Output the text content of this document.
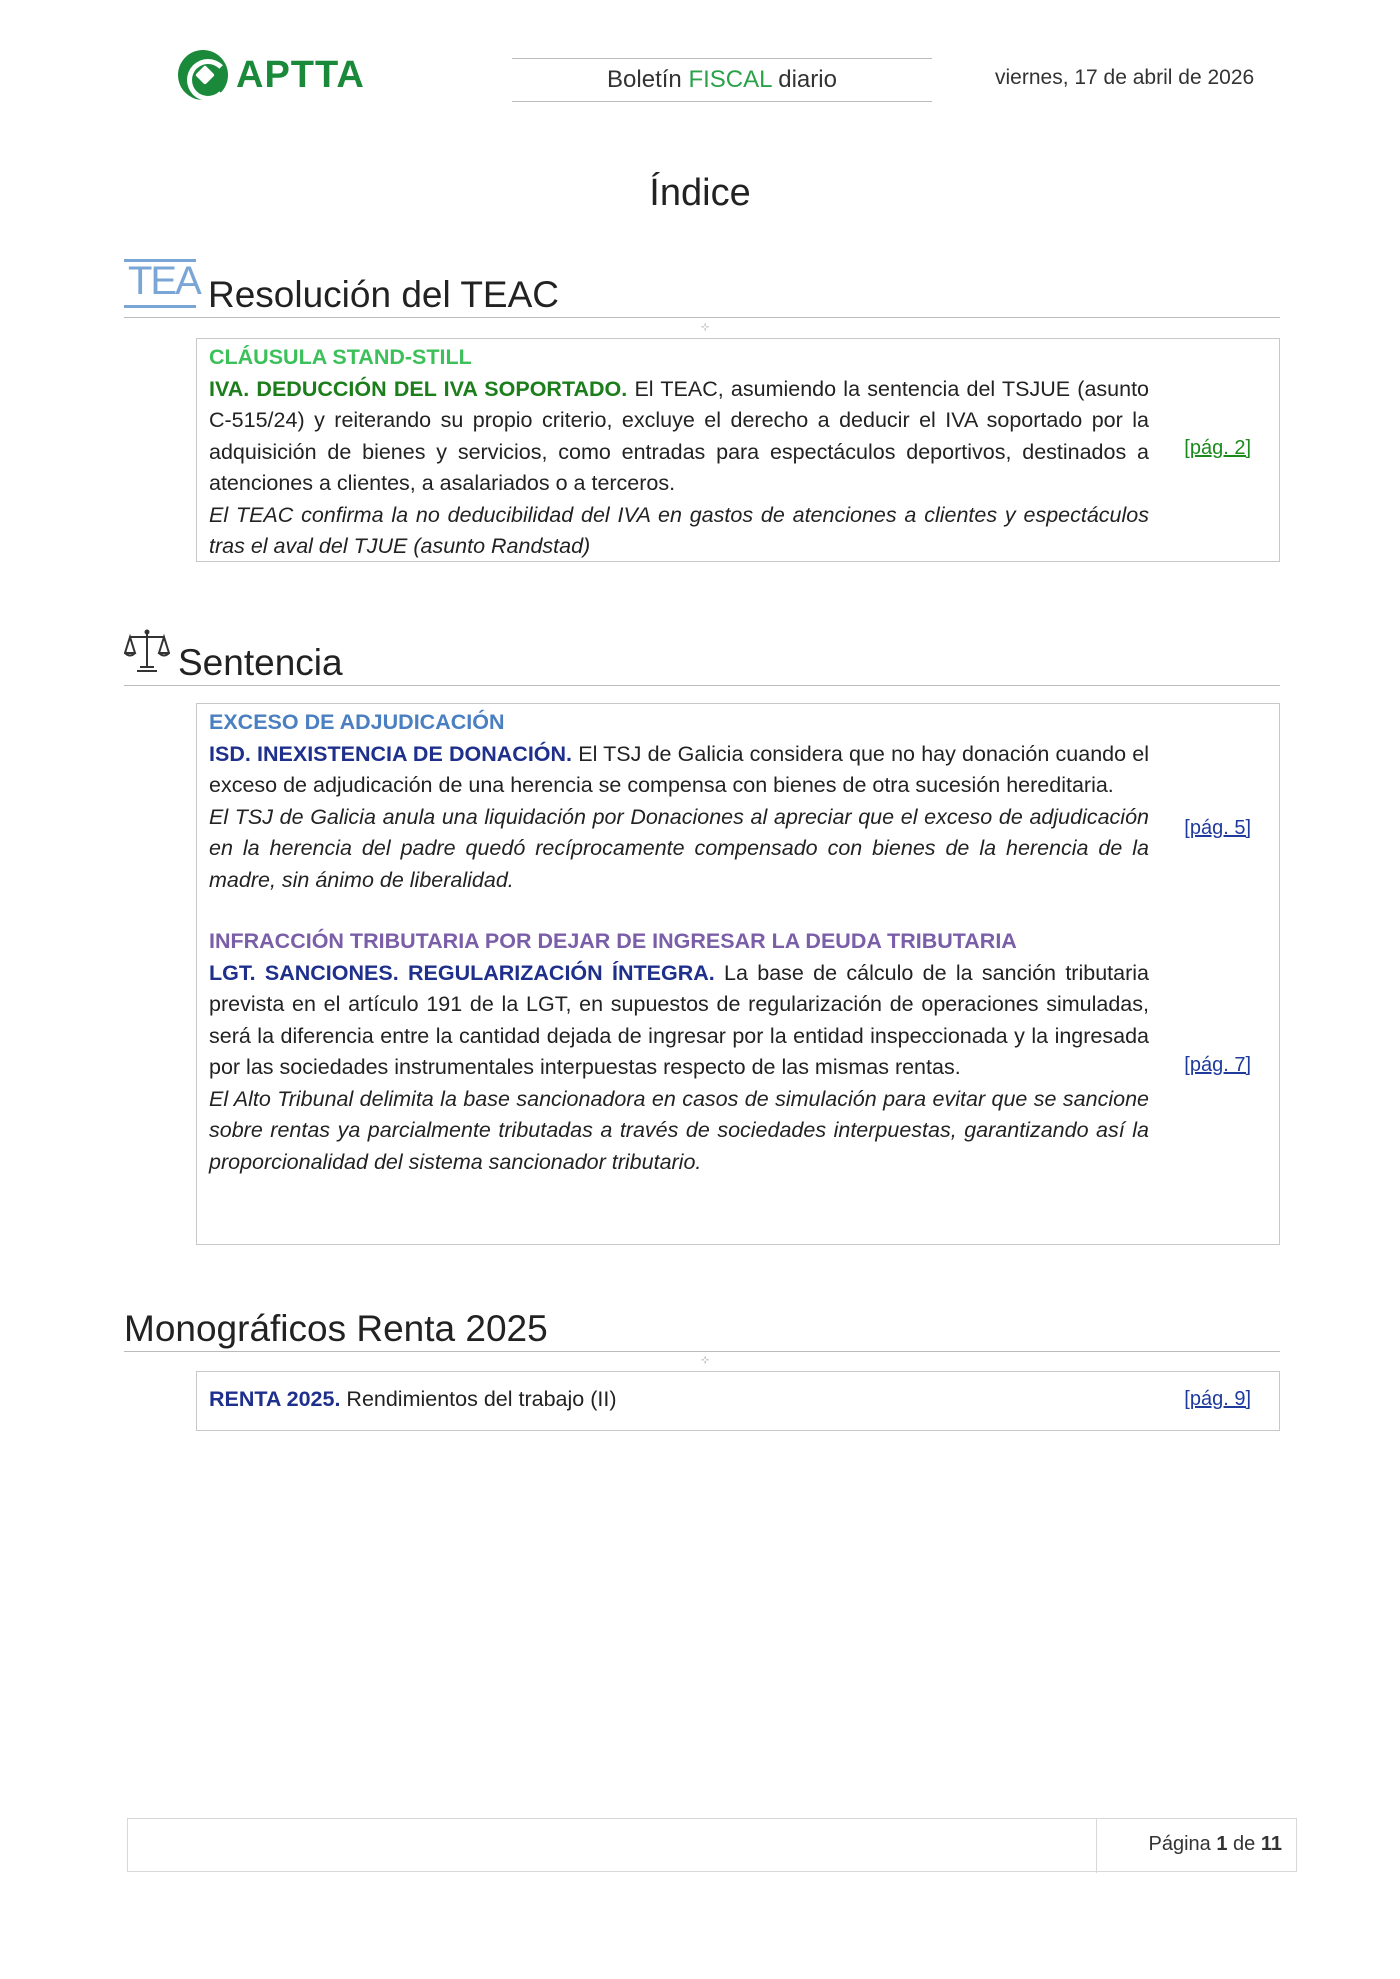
APTTA	Boletín FISCAL diario	viernes, 17 de abril de 2026
Índice
TEA Resolución del TEAC
⊹
CLÁUSULA STAND-STILL

IVA. DEDUCCIÓN DEL IVA SOPORTADO. El TEAC, asumiendo la sentencia del TSJUE (asunto C-515/24) y reiterando su propio criterio, excluye el derecho a deducir el IVA soportado por la adquisición de bienes y servicios, como entradas para espectáculos deportivos, destinados a atenciones a clientes, a asalariados o a terceros.

El TEAC confirma la no deducibilidad del IVA en gastos de atenciones a clientes y espectáculos tras el aval del TJUE (asunto Randstad)

[pág. 2]
Sentencia
EXCESO DE ADJUDICACIÓN

ISD. INEXISTENCIA DE DONACIÓN. El TSJ de Galicia considera que no hay donación cuando el exceso de adjudicación de una herencia se compensa con bienes de otra sucesión hereditaria.

El TSJ de Galicia anula una liquidación por Donaciones al apreciar que el exceso de adjudicación en la herencia del padre quedó recíprocamente compensado con bienes de la herencia de la madre, sin ánimo de liberalidad.

[pág. 5]
INFRACCIÓN TRIBUTARIA POR DEJAR DE INGRESAR LA DEUDA TRIBUTARIA

LGT. SANCIONES. REGULARIZACIÓN ÍNTEGRA. La base de cálculo de la sanción tributaria prevista en el artículo 191 de la LGT, en supuestos de regularización de operaciones simuladas, será la diferencia entre la cantidad dejada de ingresar por la entidad inspeccionada y la ingresada por las sociedades instrumentales interpuestas respecto de las mismas rentas.

El Alto Tribunal delimita la base sancionadora en casos de simulación para evitar que se sancione sobre rentas ya parcialmente tributadas a través de sociedades interpuestas, garantizando así la proporcionalidad del sistema sancionador tributario.

[pág. 7]
Monográficos Renta 2025
⊹

RENTA 2025. Rendimientos del trabajo (II)	[pág. 9]
Página 1 de 11
